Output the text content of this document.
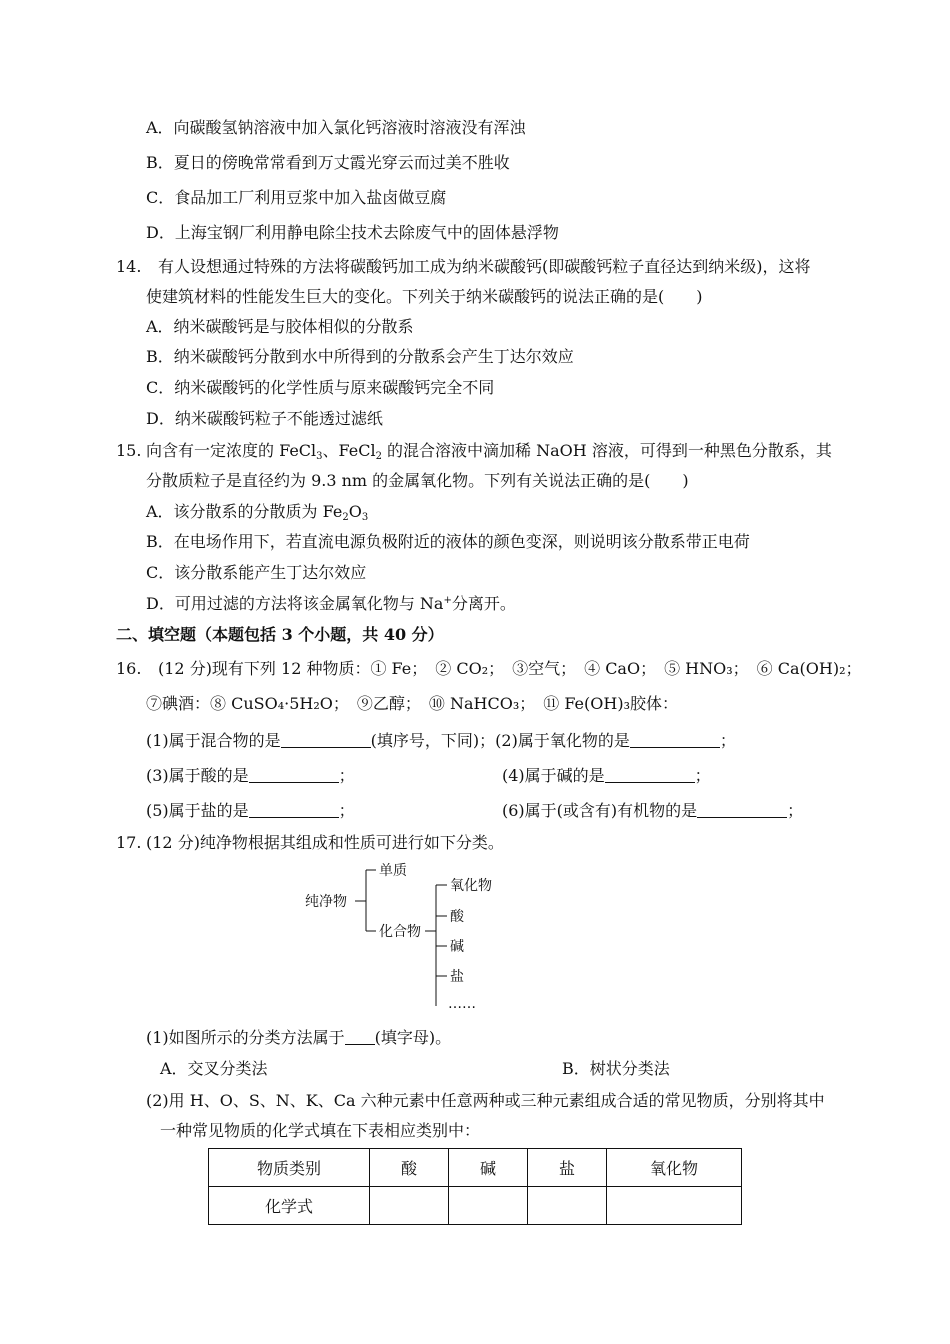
A．向碳酸氢钠溶液中加入氯化钙溶液时溶液没有浑浊
B．夏日的傍晚常常看到万丈霞光穿云而过美不胜收
C．食品加工厂利用豆浆中加入盐卤做豆腐
D．上海宝钢厂利用静电除尘技术去除废气中的固体悬浮物
14. 有人设想通过特殊的方法将碳酸钙加工成为纳米碳酸钙(即碳酸钙粒子直径达到纳米级)，这将
使建筑材料的性能发生巨大的变化。下列关于纳米碳酸钙的说法正确的是(　　)
A．纳米碳酸钙是与胶体相似的分散系
B．纳米碳酸钙分散到水中所得到的分散系会产生丁达尔效应
C．纳米碳酸钙的化学性质与原来碳酸钙完全不同
D．纳米碳酸钙粒子不能透过滤纸
15. 向含有一定浓度的 FeCl$_3$、FeCl$_2$ 的混合溶液中滴加稀 NaOH 溶液，可得到一种黑色分散系，其
分散质粒子是直径约为 9.3 nm 的金属氧化物。下列有关说法正确的是(　　)
A．该分散系的分散质为 $Fe_2O_3$
B．在电场作用下，若直流电源负极附近的液体的颜色变深，则说明该分散系带正电荷
C．该分散系能产生丁达尔效应
D．可用过滤的方法将该金属氧化物与 Na+分离开。
二、填空题（本题包括 3 个小题，共 40 分）
16. (12 分)现有下列 12 种物质：① Fe；　② CO₂；　③空气；　④ CaO；　⑤ HNO₃；　⑥ Ca(OH)₂；
⑦碘酒：⑧ CuSO₄·5H₂O；　⑨乙醇；　⑩ NaHCO₃；　⑪ Fe(OH)₃胶体：
(1)属于混合物的是	(填序号，下同)；(2)属于氧化物的是	；
(3)属于酸的是	；	(4)属于碱的是	；
(5)属于盐的是	；	(6)属于(或含有)有机物的是	；
17. (12 分)纯净物根据其组成和性质可进行如下分类。
纯净物
单质
化合物
氧化物
酸
碱
盐
……
(1)如图所示的分类方法属于 (填字母)。
A．交叉分类法	B．树状分类法
(2)用 H、O、S、N、K、Ca 六种元素中任意两种或三种元素组成合适的常见物质，分别将其中
一种常见物质的化学式填在下表相应类别中：
物质类别	酸	碱	盐	氧化物
化学式				
